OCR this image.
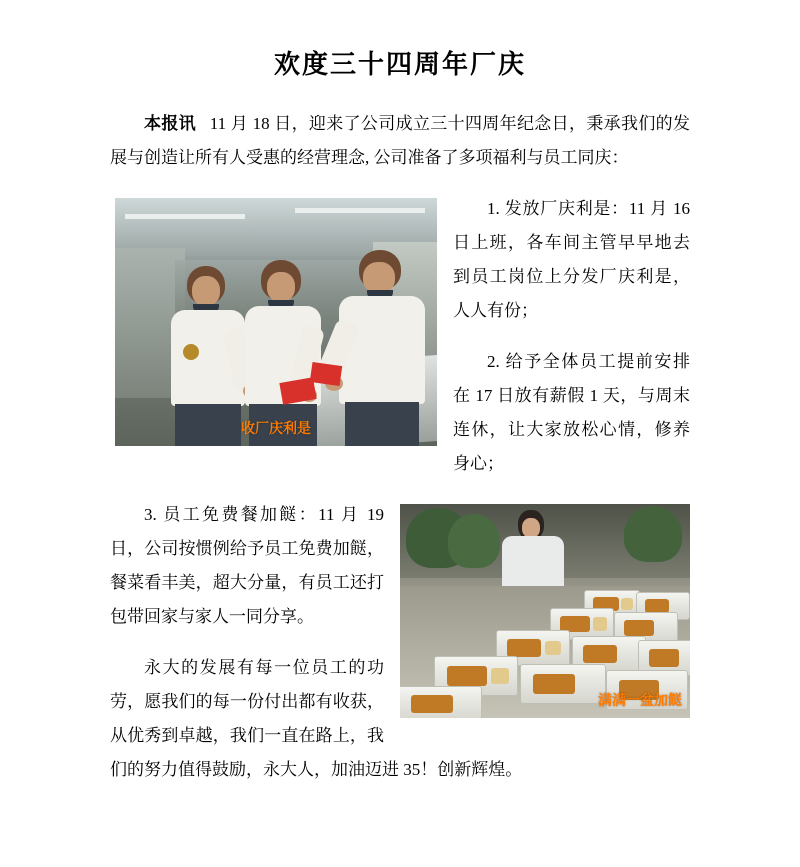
欢度三十四周年厂庆

本报讯 11 月 18 日，迎来了公司成立三十四周年纪念日，秉承我们的发展与创造让所有人受惠的经营理念, 公司准备了多项福利与员工同庆：

收厂庆利是

1. 发放厂庆利是：11 月 16 日上班，各车间主管早早地去到员工岗位上分发厂庆利是，人人有份；

2. 给予全体员工提前安排在 17 日放有薪假 1 天，与周末连休，让大家放松心情，修养身心；

满满一盆加餸

3. 员工免费餐加餸：11 月 19 日，公司按惯例给予员工免费加餸，餐菜看丰美，超大分量，有员工还打包带回家与家人一同分享。

永大的发展有每一位员工的功劳，愿我们的每一份付出都有收获，从优秀到卓越，我们一直在路上，我们的努力值得鼓励，永大人，加油迈进 35！创新辉煌。
